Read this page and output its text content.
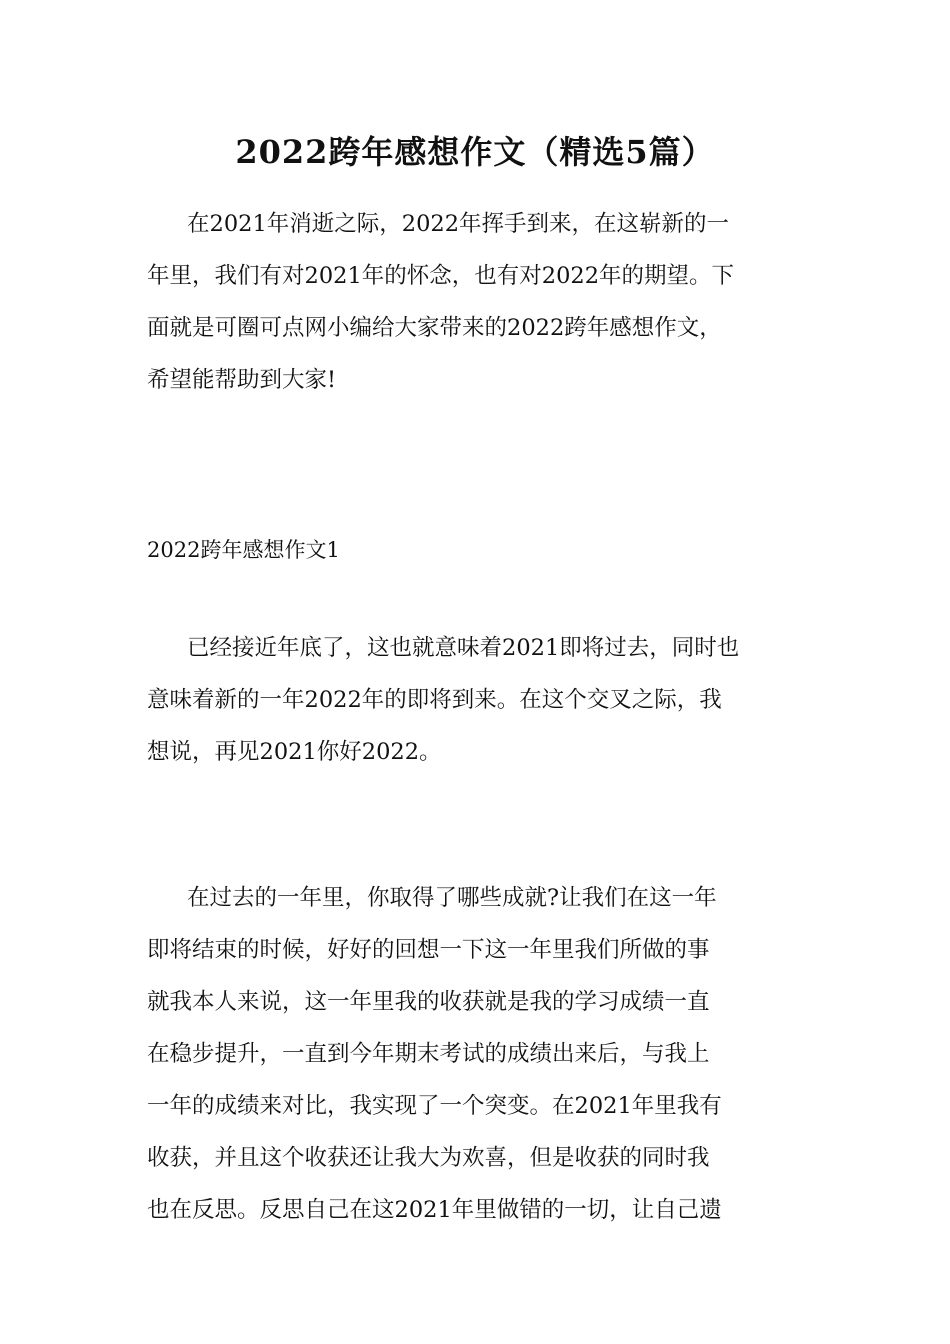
2022跨年感想作文（精选5篇）
在2021年消逝之际，2022年挥手到来，在这崭新的一
年里，我们有对2021年的怀念，也有对2022年的期望。下
面就是可圈可点网小编给大家带来的2022跨年感想作文，
希望能帮助到大家!
2022跨年感想作文1
已经接近年底了，这也就意味着2021即将过去，同时也
意味着新的一年2022年的即将到来。在这个交叉之际，我
想说，再见2021你好2022。
在过去的一年里，你取得了哪些成就?让我们在这一年
即将结束的时候，好好的回想一下这一年里我们所做的事
就我本人来说，这一年里我的收获就是我的学习成绩一直
在稳步提升，一直到今年期末考试的成绩出来后，与我上
一年的成绩来对比，我实现了一个突变。在2021年里我有
收获，并且这个收获还让我大为欢喜，但是收获的同时我
也在反思。反思自己在这2021年里做错的一切，让自己遗
